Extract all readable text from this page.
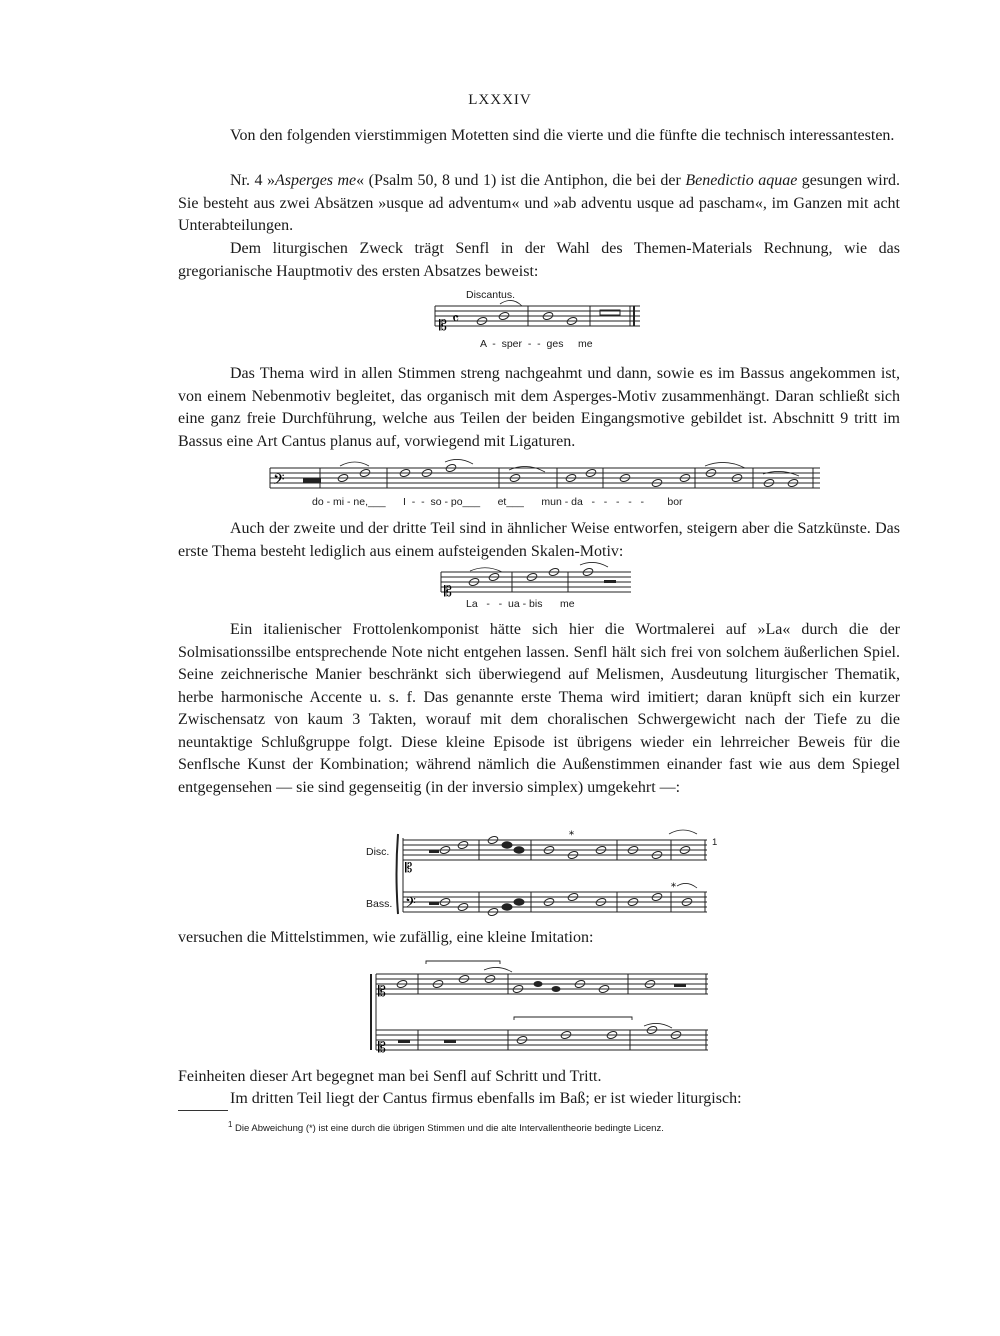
LXXXIV
Von den folgenden vierstimmigen Motetten sind die vierte und die fünfte die technisch interessantesten.
Nr. 4 »Asperges me« (Psalm 50, 8 und 1) ist die Antiphon, die bei der Benedictio aquae gesungen wird. Sie besteht aus zwei Absätzen »usque ad adventum« und »ab adventu usque ad pascham«, im Ganzen mit acht Unterabteilungen.
Dem liturgischen Zweck trägt Senfl in der Wahl des Themen-Materials Rechnung, wie das gregorianische Hauptmotiv des ersten Absatzes beweist:
Discantus.
𝄡 𝄴
A  -  sper  -  -  ges     me
Das Thema wird in allen Stimmen streng nachgeahmt und dann, sowie es im Bassus angekommen ist, von einem Nebenmotiv begleitet, das organisch mit dem Asperges-Motiv zusammenhängt. Daran schließt sich eine ganz freie Durchführung, welche aus Teilen der beiden Eingangsmotive gebildet ist. Abschnitt 9 tritt im Bassus eine Art Cantus planus auf, vorwiegend mit Ligaturen.
𝄢
do - mi - ne,___      I  -  -  so - po___      et___      mun - da   -   -   -   -   -        bor
Auch der zweite und der dritte Teil sind in ähnlicher Weise entworfen, steigern aber die Satzkünste. Das erste Thema besteht lediglich aus einem aufsteigenden Skalen-Motiv:
𝄡
La   -   -  ua - bis      me
Ein italienischer Frottolenkomponist hätte sich hier die Wortmalerei auf »La« durch die der Solmisationssilbe entsprechende Note nicht entgehen lassen. Senfl hält sich frei von solchem äußerlichen Spiel. Seine zeichnerische Manier beschränkt sich überwiegend auf Melismen, Ausdeutung liturgischer Thematik, herbe harmonische Accente u. s. f. Das genannte erste Thema wird imitiert; daran knüpft sich ein kurzer Zwischensatz von kaum 3 Takten, worauf mit dem choralischen Schwergewicht nach der Tiefe zu die neuntaktige Schlußgruppe folgt. Diese kleine Episode ist übrigens wieder ein lehrreicher Beweis für die Senflsche Kunst der Kombination; während nämlich die Außenstimmen einander fast wie aus dem Spiegel entgegensehen — sie sind gegenseitig (in der inversio simplex) umgekehrt —:
Disc.
Bass.
1
𝄡
𝄢
*
*
versuchen die Mittelstimmen, wie zufällig, eine kleine Imitation:
𝄡
𝄡
Feinheiten dieser Art begegnet man bei Senfl auf Schritt und Tritt.
Im dritten Teil liegt der Cantus firmus ebenfalls im Baß; er ist wieder liturgisch:
$^1$ Die Abweichung (*) ist eine durch die übrigen Stimmen und die alte Intervallentheorie bedingte Licenz.
